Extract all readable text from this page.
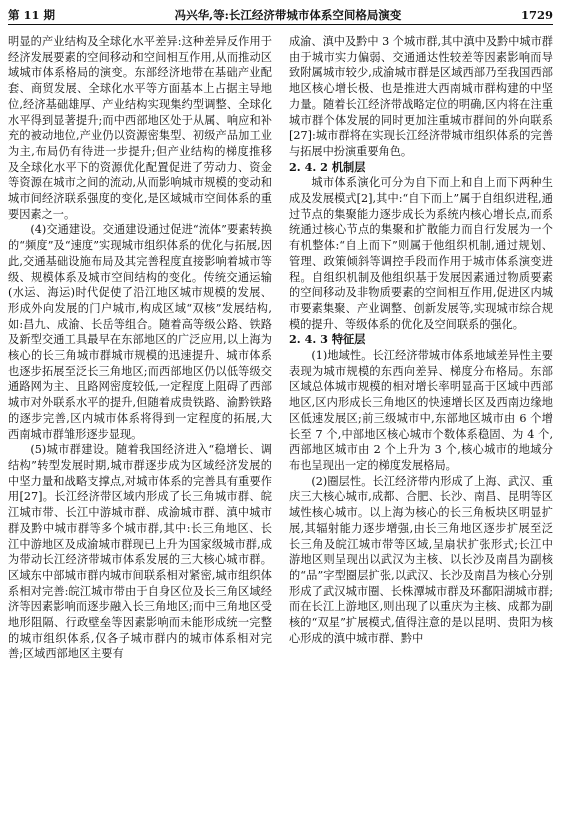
第 11 期	冯兴华,等:长江经济带城市体系空间格局演变	1729

明显的产业结构及全球化水平差异:这种差异反作用于经济发展要素的空间移动和空间相互作用,从而推动区域城市体系格局的演变。东部经济地带在基础产业配套、商贸发展、全球化水平等方面基本上占据主导地位,经济基础雄厚、产业结构实现集约型调整、全球化水平得到显著提升;而中西部地区处于从属、响应和补充的被动地位,产业仍以资源密集型、初级产品加工业为主,布局仍有待进一步提升;但产业结构的梯度推移及全球化水平下的资源优化配置促进了劳动力、资金等资源在城市之间的流动,从而影响城市规模的变动和城市间经济联系强度的变化,是区域城市空间体系的重要因素之一。

(4)交通建设。交通建设通过促进“流体”要素转换的“频度”及“速度”实现城市组织体系的优化与拓展,因此,交通基础设施布局及其完善程度直接影响着城市等级、规模体系及城市空间结构的变化。传统交通运输(水运、海运)时代促使了沿江地区城市规模的发展、形成外向发展的门户城市,构成区域“双核”发展结构,如:昌九、成渝、长岳等组合。随着高等级公路、铁路及新型交通工具最早在东部地区的广泛应用,以上海为核心的长三角城市群城市规模的迅速提升、城市体系也逐步拓展至泛长三角地区;而西部地区仍以低等级交通路网为主、且路网密度较低,一定程度上阻碍了西部城市对外联系水平的提升,但随着成贵铁路、渝黔铁路的逐步完善,区内城市体系将得到一定程度的拓展,大西南城市群雏形逐步显现。

(5)城市群建设。随着我国经济进入“稳增长、调结构”转型发展时期,城市群逐步成为区域经济发展的中坚力量和战略支撑点,对城市体系的完善具有重要作用[27]。长江经济带区域内形成了长三角城市群、皖江城市带、长江中游城市群、成渝城市群、滇中城市群及黔中城市群等多个城市群,其中:长三角地区、长江中游地区及成渝城市群现已上升为国家级城市群,成为带动长江经济带城市体系发展的三大核心城市群。区域东中部城市群内城市间联系相对紧密,城市组织体系相对完善:皖江城市带由于自身区位及长三角区域经济等因素影响而逐步融入长三角地区;而中三角地区受地形阻隔、行政壁垒等因素影响而未能形成统一完整的城市组织体系,仅各子城市群内的城市体系相对完善;区域西部地区主要有

成渝、滇中及黔中 3 个城市群,其中滇中及黔中城市群由于城市实力偏弱、交通通达性较差等因素影响而导致附属城市较少,成渝城市群是区域西部乃至我国西部地区核心增长极、也是推进大西南城市群构建的中坚力量。随着长江经济带战略定位的明确,区内将在注重城市群个体发展的同时更加注重城市群间的外向联系[27]:城市群将在实现长江经济带城市组织体系的完善与拓展中扮演重要角色。

2. 4. 2 机制层

城市体系演化可分为自下而上和自上而下两种生成及发展模式[2],其中:“自下而上”属于自组织进程,通过节点的集聚能力逐步成长为系统内核心增长点,而系统通过核心节点的集聚和扩散能力而自行发展为一个有机整体:“自上而下”则属于他组织机制,通过规划、管理、政策倾斜等调控手段而作用于城市体系演变进程。自组织机制及他组织基于发展因素通过物质要素的空间移动及非物质要素的空间相互作用,促进区内城市要素集聚、产业调整、创新发展等,实现城市综合规模的提升、等级体系的优化及空间联系的强化。

2. 4. 3 特征层

(1)地域性。长江经济带城市体系地域差异性主要表现为城市规模的东西向差异、梯度分布格局。东部区域总体城市规模的相对增长率明显高于区域中西部地区,区内形成长三角地区的快速增长区及西南边缘地区低速发展区;前三级城市中,东部地区城市由 6 个增长至 7 个,中部地区核心城市个数体系稳固、为 4 个,西部地区城市由 2 个上升为 3 个,核心城市的地域分布也呈现出一定的梯度发展格局。

(2)圈层性。长江经济带内形成了上海、武汉、重庆三大核心城市,成都、合肥、长沙、南昌、昆明等区域性核心城市。以上海为核心的长三角板块区明显扩展,其辐射能力逐步增强,由长三角地区逐步扩展至泛长三角及皖江城市带等区域,呈扇状扩张形式;长江中游地区则呈现出以武汉为主核、以长沙及南昌为副核的“品”字型圈层扩张,以武汉、长沙及南昌为核心分别形成了武汉城市圈、长株潭城市群及环鄱阳湖城市群;而在长江上游地区,则出现了以重庆为主核、成都为副核的“双星”扩展模式,值得注意的是以昆明、贵阳为核心形成的滇中城市群、黔中
